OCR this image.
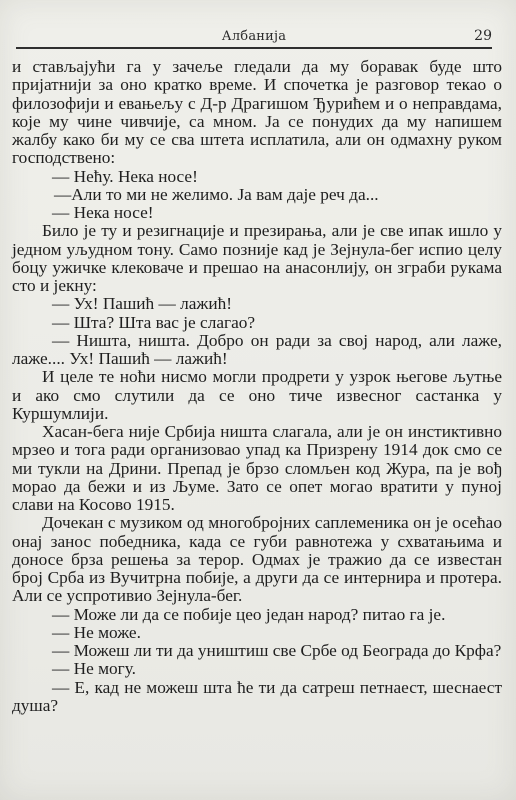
Албанија	29

и стављајући га у зачеље гледали да му боравак буде што пријатнији за оно кратко време. И спочетка је разговор текао о филозофији и евањељу с Д-р Драгишом Ђурићем и о неправдама, које му чине чивчије, са мном. Ја се понудих да му напишем жалбу како би му се сва штета исплатила, али он одмахну руком господствено:

— Нећу. Нека носе!

—Али то ми не желимо. Ја вам даје реч да...

— Нека носе!

Било је ту и резигнације и презирања, али је све ипак ишло у једном уљудном тону. Само позније кад је Зејнула-бег испио целу боцу ужичке клековаче и прешао на анасонлију, он зграби рукама сто и јекну:

— Ух! Пашић — лажић!

— Шта? Шта вас је слагао?

— Ништа, ништа. Добро он ради за свој народ, али лаже, лаже.... Ух! Пашић — лажић!

И целе те ноћи нисмо могли продрети у узрок његове љутње и ако смо слутили да се оно тиче извесног састанка у Куршумлији.

Хасан-бега није Србија ништа слагала, али је он инстиктивно мрзео и тога ради организовао упад ка Призрену 1914 док смо се ми тукли на Дрини. Препад је брзо сломљен код Жура, па је вођ морао да бежи и из Љуме. Зато се опет могао вратити у пуној слави на Косово 1915.

Дочекан с музиком од многобројних саплеменика он је осећао онај занос победника, када се губи равнотежа у схватањима и доносе брза решења за терор. Одмах је тражио да се известан број Срба из Вучитрна побије, а други да се интернира и протера. Али се успротивио Зејнула-бег.

— Може ли да се побије цео један народ? питао га је.

— Не може.

— Можеш ли ти да уништиш све Србе од Београда до Крфа?

— Не могу.

— Е, кад не можеш шта ће ти да сатреш петнаест, шеснаест душа?
